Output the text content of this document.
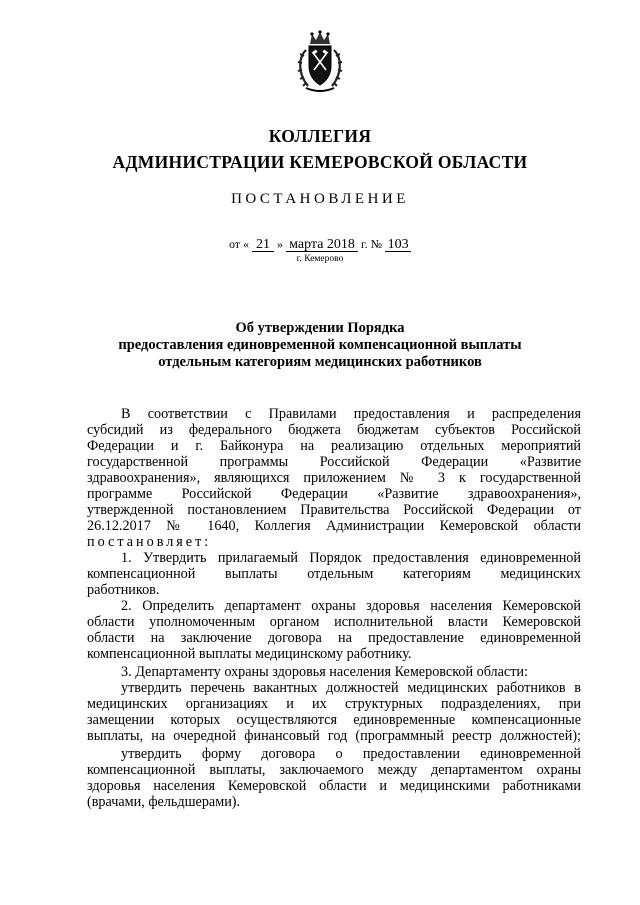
КОЛЛЕГИЯ
АДМИНИСТРАЦИИ КЕМЕРОВСКОЙ ОБЛАСТИ
ПОСТАНОВЛЕНИЕ
от « 21 » марта 2018 г. № 103
г. Кемерово
Об утверждении Порядка
предоставления единовременной компенсационной выплаты
отдельным категориям медицинских работников
В соответствии с Правилами предоставления и распределения
субсидий из федерального бюджета бюджетам субъектов Российской
Федерации и г. Байконура на реализацию отдельных мероприятий
государственной программы Российской Федерации «Развитие
здравоохранения», являющихся приложением № 3 к государственной
программе Российской Федерации «Развитие здравоохранения»,
утвержденной постановлением Правительства Российской Федерации от
26.12.2017 № 1640, Коллегия Администрации Кемеровской области
постановляет:
1. Утвердить прилагаемый Порядок предоставления единовременной
компенсационной выплаты отдельным категориям медицинских
работников.
2. Определить департамент охраны здоровья населения Кемеровской
области уполномоченным органом исполнительной власти Кемеровской
области на заключение договора на предоставление единовременной
компенсационной выплаты медицинскому работнику.
3. Департаменту охраны здоровья населения Кемеровской области:
утвердить перечень вакантных должностей медицинских работников в
медицинских организациях и их структурных подразделениях, при
замещении которых осуществляются единовременные компенсационные
выплаты, на очередной финансовый год (программный реестр должностей);
утвердить форму договора о предоставлении единовременной
компенсационной выплаты, заключаемого между департаментом охраны
здоровья населения Кемеровской области и медицинскими работниками
(врачами, фельдшерами).
